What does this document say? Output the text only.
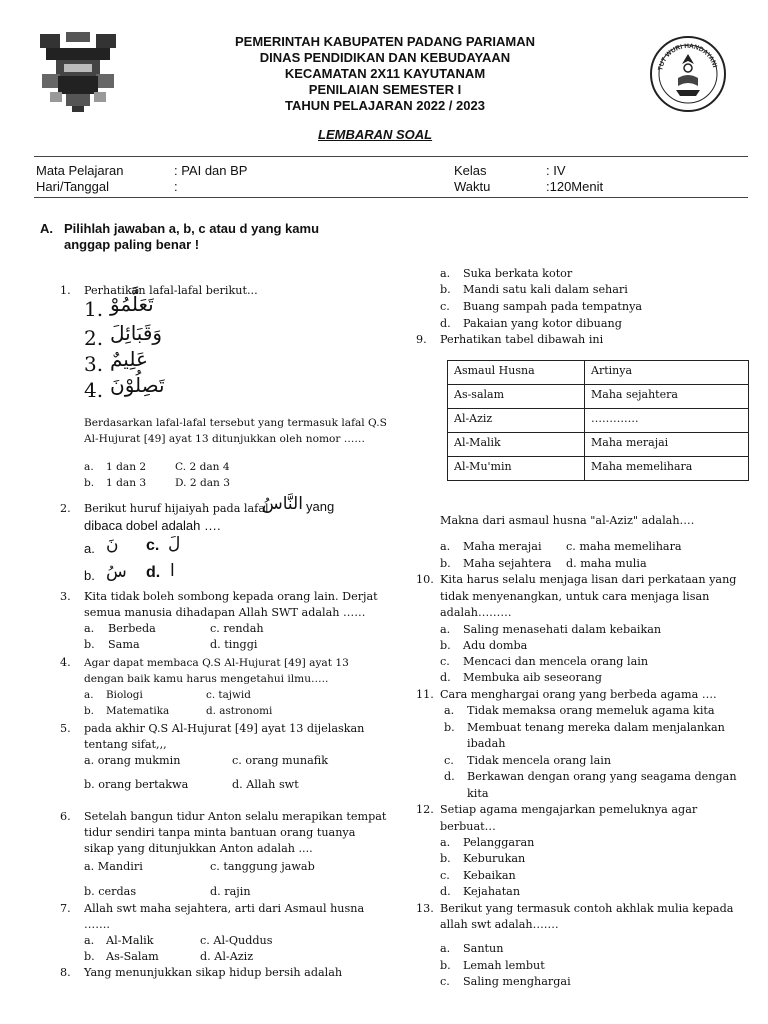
TUT WURI HANDAYANI
PEMERINTAH KABUPATEN PADANG PARIAMAN
DINAS PENDIDIKAN DAN KEBUDAYAAN
KECAMATAN 2X11 KAYUTANAM
PENILAIAN SEMESTER I
TAHUN PELAJARAN 2022 / 2023
LEMBARAN SOAL
Mata Pelajaran	: PAI dan BP	Kelas	: IV
Hari/Tanggal	:	Waktu	:120Menit
A. Pilihlah jawaban a, b, c atau d yang kamu
anggap paling benar !
1. Perhatikan lafal-lafal berikut...
1. تَعَلَّمُوْ
2. وَقَبَائِلَ
3. عَلِيمٌ
4. تَصِلُوْنَ
Berdasarkan lafal-lafal tersebut yang termasuk lafal Q.S
Al-Hujurat [49] ayat 13 ditunjukkan oleh nomor ……
a. 1 dan 2	C. 2 dan 4
b. 1 dan 3	D. 2 dan 3
2. Berikut huruf hijaiyah pada lafal
النَّاسُ yang
dibaca dobel adalah ….
a. نَ c. لَ
b. سُ d. ا
3. Kita tidak boleh sombong kepada orang lain. Derjat
semua manusia dihadapan Allah SWT adalah ……
a. Berbeda	c. rendah
b. Sama	d. tinggi
4. Agar dapat membaca Q.S Al-Hujurat [49] ayat 13
dengan baik kamu harus mengetahui ilmu…..
a. Biologi	c. tajwid
b. Matematika	d. astronomi
5. pada akhir Q.S Al-Hujurat [49] ayat 13 dijelaskan
tentang sifat,,,
a. orang mukmin	c. orang munafik
b. orang bertakwa	d. Allah swt
6. Setelah bangun tidur Anton selalu merapikan tempat
tidur sendiri tanpa minta bantuan orang tuanya
sikap yang ditunjukkan Anton adalah ....
a. Mandiri	c. tanggung jawab
b. cerdas	d. rajin
7. Allah swt maha sejahtera, arti dari Asmaul husna
…….
a. Al-Malik	c. Al-Quddus
b. As-Salam	d. Al-Aziz
8. Yang menunjukkan sikap hidup bersih adalah
a. Suka berkata kotor
b. Mandi satu kali dalam sehari
c. Buang sampah pada tempatnya
d. Pakaian yang kotor dibuang
9. Perhatikan tabel dibawah ini
Asmaul Husna	Artinya
As-salam	Maha sejahtera
Al-Aziz	………….
Al-Malik	Maha merajai
Al-Mu'min	Maha memelihara
Makna dari asmaul husna "al-Aziz" adalah….
a. Maha merajai c. maha memelihara
b. Maha sejahtera d. maha mulia
10. Kita harus selalu menjaga lisan dari perkataan yang
tidak menyenangkan, untuk cara menjaga lisan
adalah………
a. Saling menasehati dalam kebaikan
b. Adu domba
c. Mencaci dan mencela orang lain
d. Membuka aib seseorang
11. Cara menghargai orang yang berbeda agama ….
a. Tidak memaksa orang memeluk agama kita
b. Membuat tenang mereka dalam menjalankan
ibadah
c. Tidak mencela orang lain
d. Berkawan dengan orang yang seagama dengan
kita
12. Setiap agama mengajarkan pemeluknya agar
berbuat…
a. Pelanggaran
b. Keburukan
c. Kebaikan
d. Kejahatan
13. Berikut yang termasuk contoh akhlak mulia kepada
allah swt adalah…….
a. Santun
b. Lemah lembut
c. Saling menghargai
